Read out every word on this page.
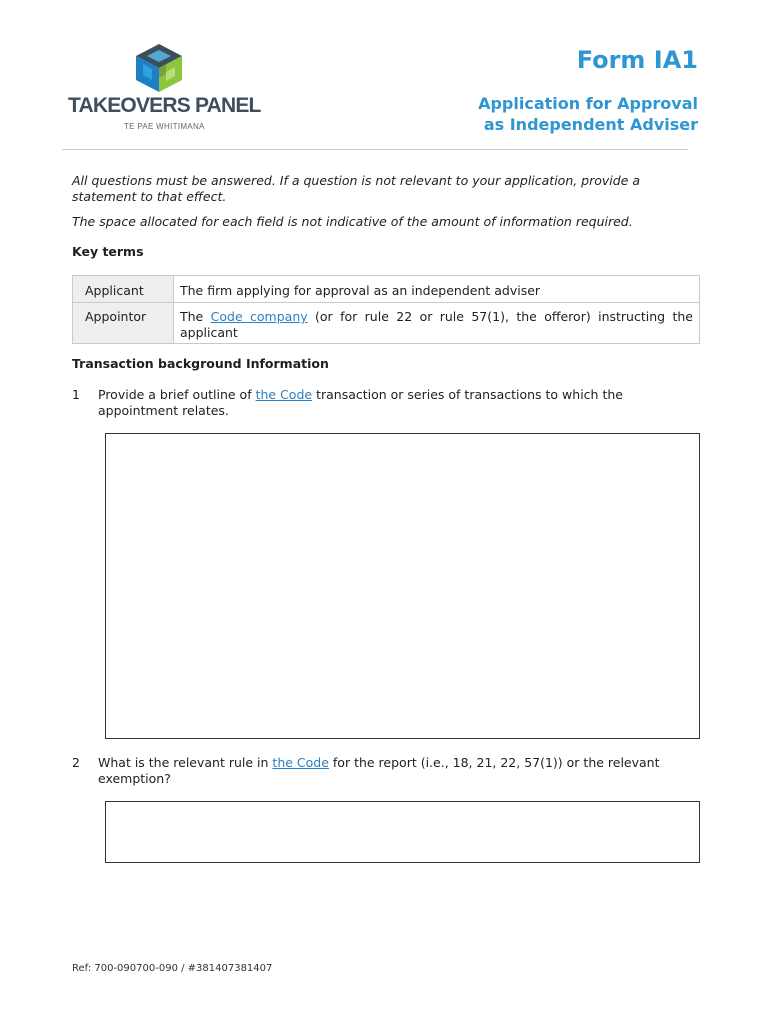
TAKEOVERS PANEL
TE PAE WHITIMANA
Form IA1
Application for Approval
as Independent Adviser

All questions must be answered. If a question is not relevant to your application, provide a statement to that effect.

The space allocated for each field is not indicative of the amount of information required.

Key terms
Applicant	The firm applying for approval as an independent adviser
Appointor	The Code company (or for rule 22 or rule 57(1), the offeror) instructing the applicant
Transaction background Information
1 Provide a brief outline of the Code transaction or series of transactions to which the appointment relates.
2 What is the relevant rule in the Code for the report (i.e., 18, 21, 22, 57(1)) or the relevant exemption?
Ref: 700-090700-090 / #381407381407
